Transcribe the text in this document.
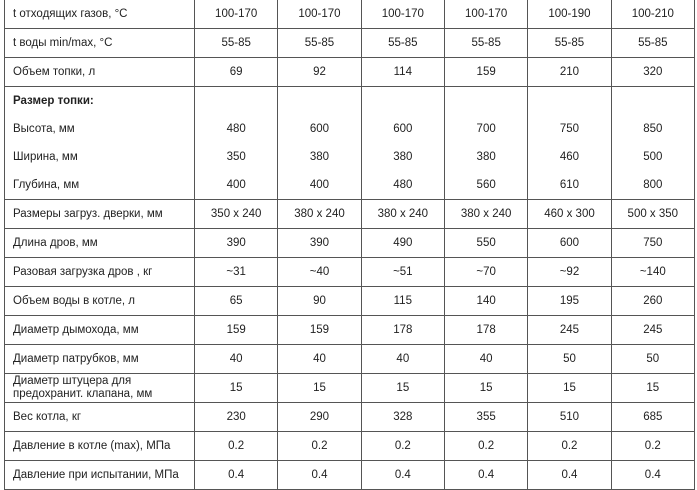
t отходящих газов, °C	100-170	100-170	100-170	100-170	100-190	100-210
t воды min/max, °C	55-85	55-85	55-85	55-85	55-85	55-85
Объем топки, л	69	92	114	159	210	320
Размер топки:						
Высота, мм	480	600	600	700	750	850
Ширина, мм	350	380	380	380	460	500
Глубина, мм	400	400	480	560	610	800
Размеры загруз. дверки, мм	350 х 240	380 х 240	380 х 240	380 х 240	460 х 300	500 х 350
Длина дров, мм	390	390	490	550	600	750
Разовая загрузка дров , кг	~31	~40	~51	~70	~92	~140
Объем воды в котле, л	65	90	115	140	195	260
Диаметр дымохода, мм	159	159	178	178	245	245
Диаметр патрубков, мм	40	40	40	40	50	50
Диаметр штуцера для предохранит. клапана, мм	15	15	15	15	15	15
Вес котла, кг	230	290	328	355	510	685
Давление в котле (max), МПа	0.2	0.2	0.2	0.2	0.2	0.2
Давление при испытании, МПа	0.4	0.4	0.4	0.4	0.4	0.4
